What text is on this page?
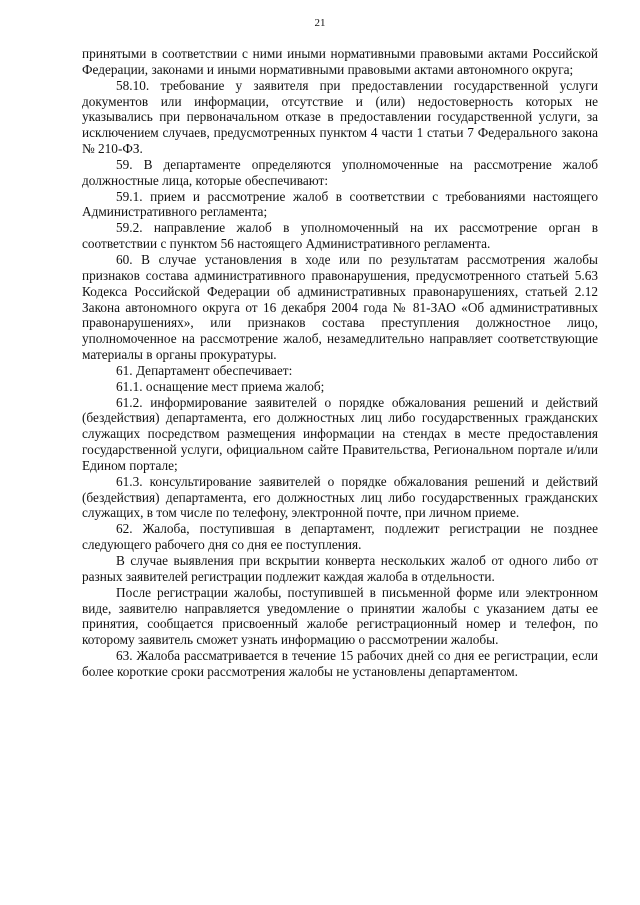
21

принятыми в соответствии с ними иными нормативными правовыми актами Российской Федерации, законами и иными нормативными правовыми актами автономного округа;

58.10. требование у заявителя при предоставлении государственной услуги документов или информации, отсутствие и (или) недостоверность которых не указывались при первоначальном отказе в предоставлении государственной услуги, за исключением случаев, предусмотренных пунктом 4 части 1 статьи 7 Федерального закона № 210-ФЗ.

59. В департаменте определяются уполномоченные на рассмотрение жалоб должностные лица, которые обеспечивают:

59.1. прием и рассмотрение жалоб в соответствии с требованиями настоящего Административного регламента;

59.2. направление жалоб в уполномоченный на их рассмотрение орган в соответствии с пунктом 56 настоящего Административного регламента.

60. В случае установления в ходе или по результатам рассмотрения жалобы признаков состава административного правонарушения, предусмотренного статьей 5.63 Кодекса Российской Федерации об административных правонарушениях, статьей 2.12 Закона автономного округа от 16 декабря 2004 года № 81-ЗАО «Об административных правонарушениях», или признаков состава преступления должностное лицо, уполномоченное на рассмотрение жалоб, незамедлительно направляет соответствующие материалы в органы прокуратуры.

61. Департамент обеспечивает:

61.1. оснащение мест приема жалоб;

61.2. информирование заявителей о порядке обжалования решений и действий (бездействия) департамента, его должностных лиц либо государственных гражданских служащих посредством размещения информации на стендах в месте предоставления государственной услуги, официальном сайте Правительства, Региональном портале и/или Едином портале;

61.3. консультирование заявителей о порядке обжалования решений и действий (бездействия) департамента, его должностных лиц либо государственных гражданских служащих, в том числе по телефону, электронной почте, при личном приеме.

62. Жалоба, поступившая в департамент, подлежит регистрации не позднее следующего рабочего дня со дня ее поступления.

В случае выявления при вскрытии конверта нескольких жалоб от одного либо от разных заявителей регистрации подлежит каждая жалоба в отдельности.

После регистрации жалобы, поступившей в письменной форме или электронном виде, заявителю направляется уведомление о принятии жалобы с указанием даты ее принятия, сообщается присвоенный жалобе регистрационный номер и телефон, по которому заявитель сможет узнать информацию о рассмотрении жалобы.

63. Жалоба рассматривается в течение 15 рабочих дней со дня ее регистрации, если более короткие сроки рассмотрения жалобы не установлены департаментом.
